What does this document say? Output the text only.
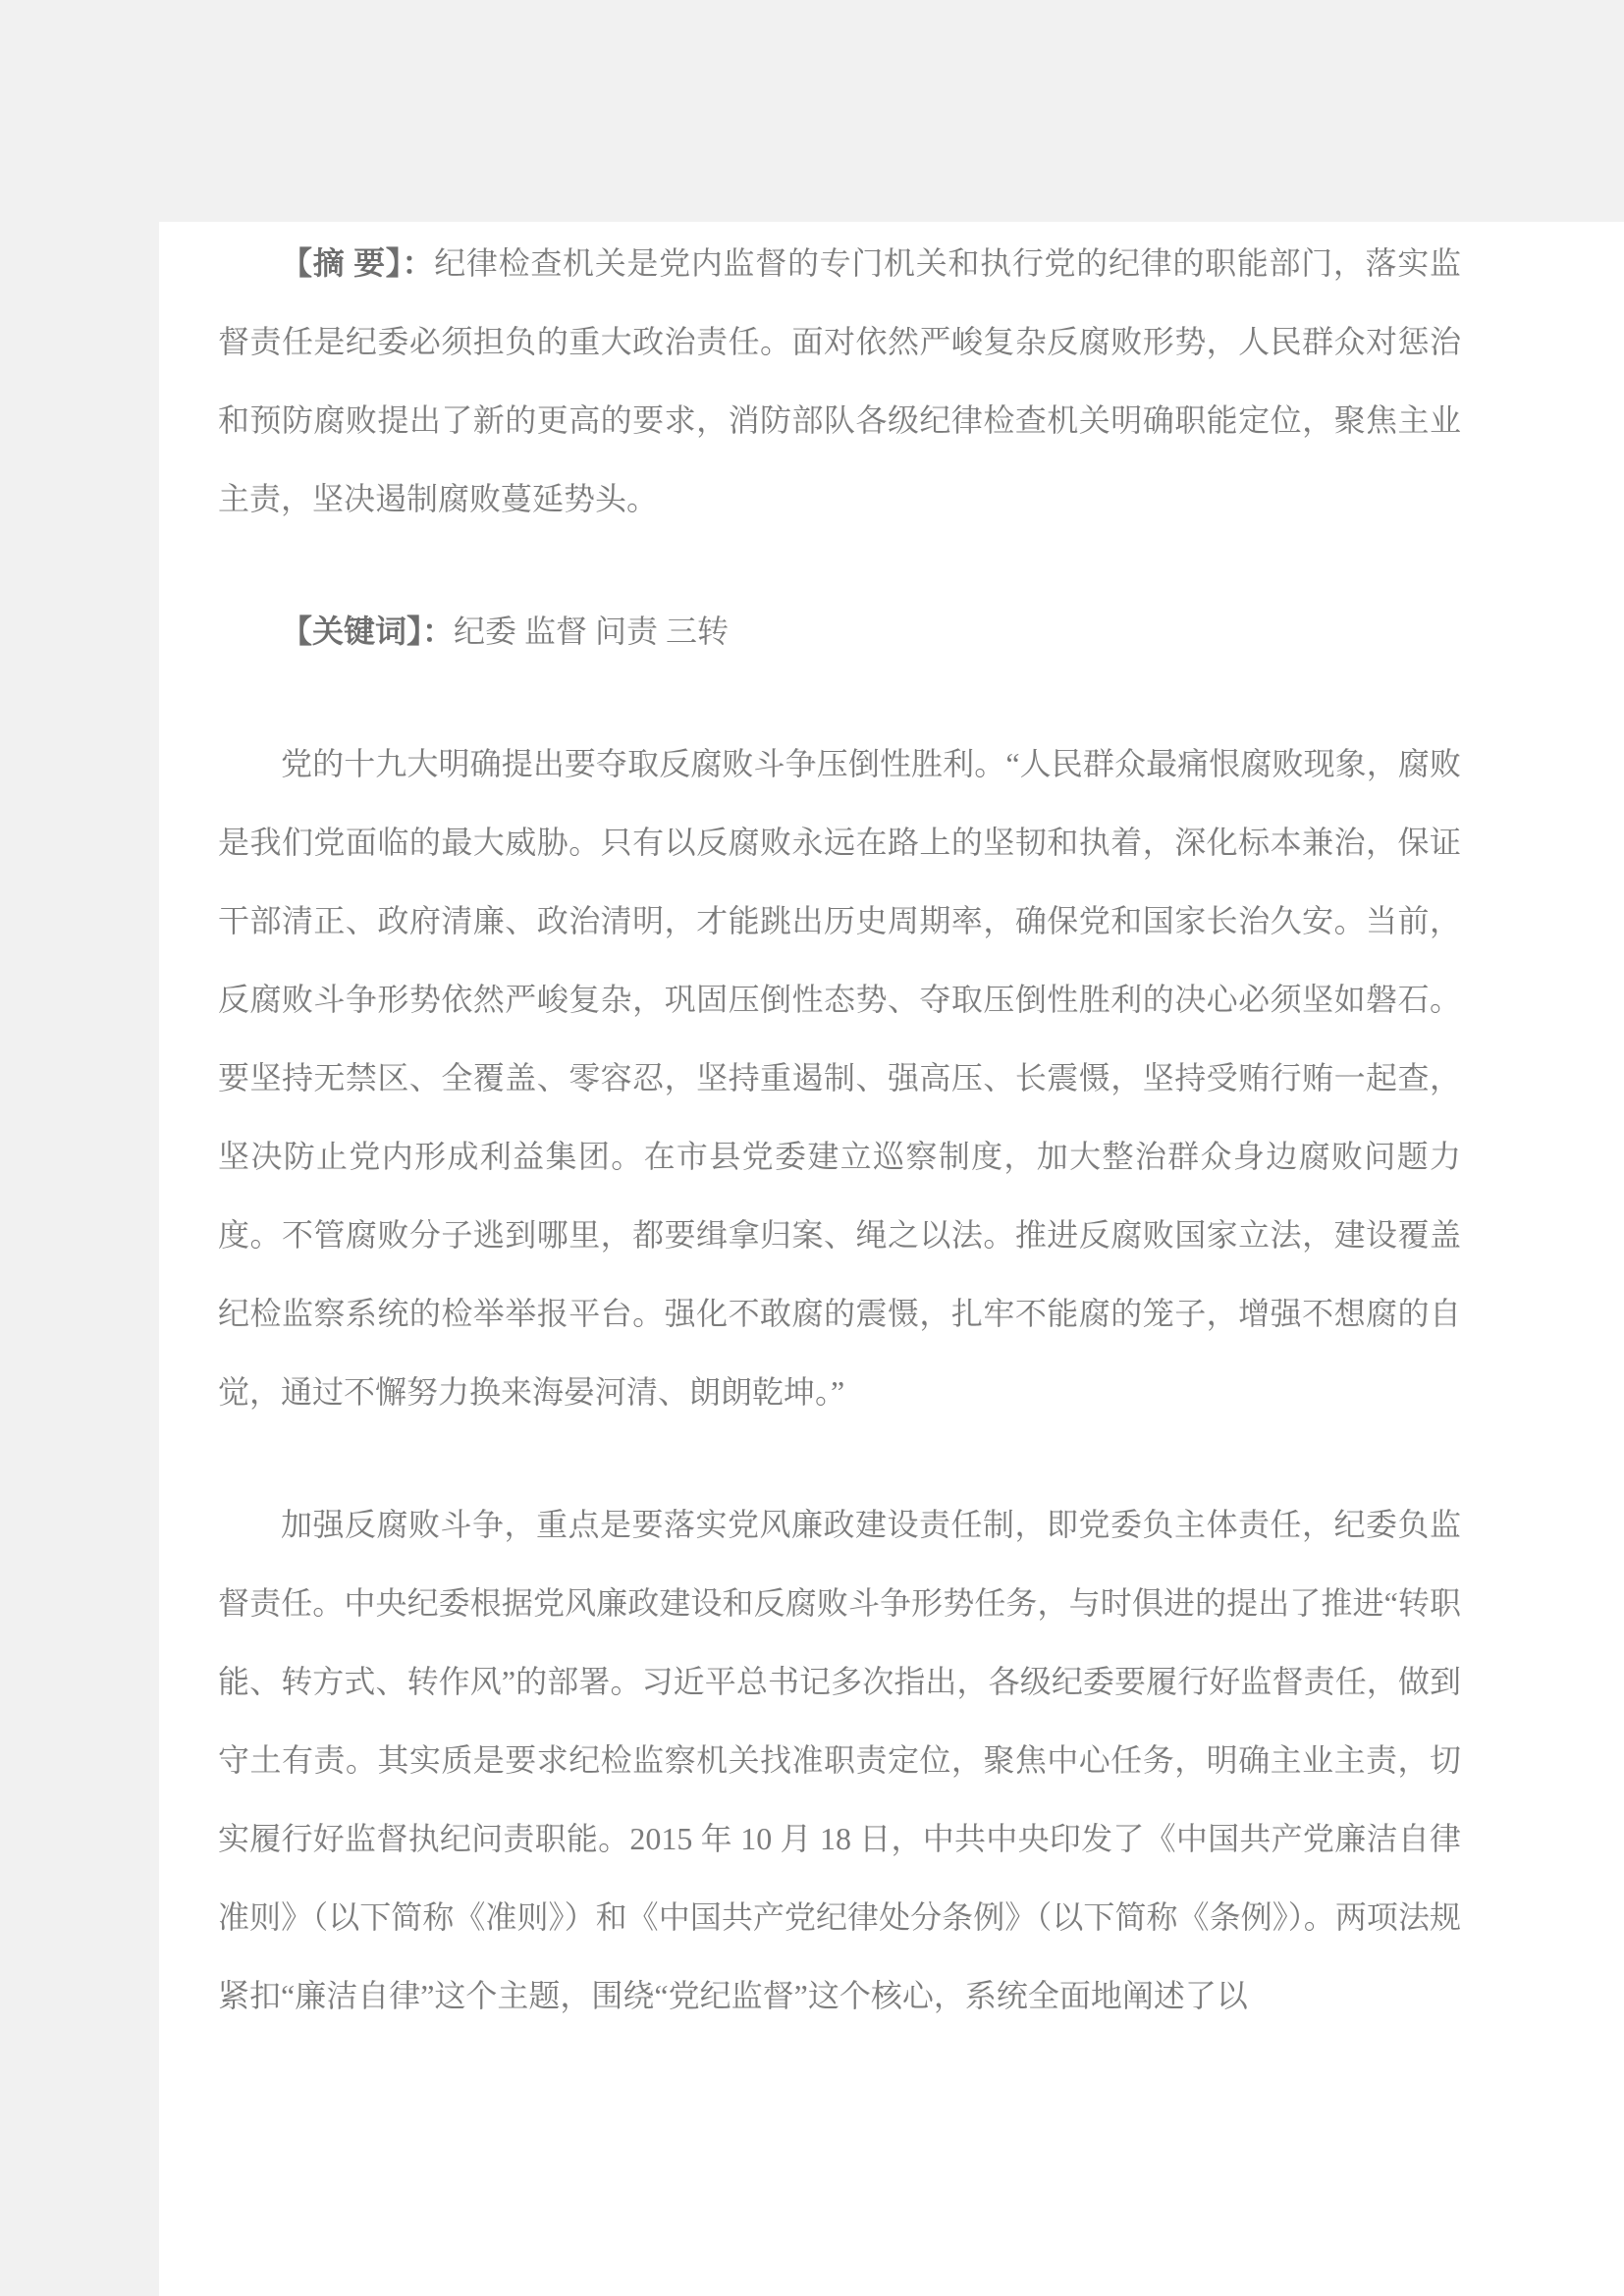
【摘 要】：纪律检查机关是党内监督的专门机关和执行党的纪律的职能部门，落实监督责任是纪委必须担负的重大政治责任。面对依然严峻复杂反腐败形势，人民群众对惩治和预防腐败提出了新的更高的要求，消防部队各级纪律检查机关明确职能定位，聚焦主业主责，坚决遏制腐败蔓延势头。

【关键词】：纪委 监督 问责 三转

党的十九大明确提出要夺取反腐败斗争压倒性胜利。“人民群众最痛恨腐败现象，腐败是我们党面临的最大威胁。只有以反腐败永远在路上的坚韧和执着，深化标本兼治，保证干部清正、政府清廉、政治清明，才能跳出历史周期率，确保党和国家长治久安。当前，反腐败斗争形势依然严峻复杂，巩固压倒性态势、夺取压倒性胜利的决心必须坚如磐石。要坚持无禁区、全覆盖、零容忍，坚持重遏制、强高压、长震慑，坚持受贿行贿一起查，坚决防止党内形成利益集团。在市县党委建立巡察制度，加大整治群众身边腐败问题力度。不管腐败分子逃到哪里，都要缉拿归案、绳之以法。推进反腐败国家立法，建设覆盖纪检监察系统的检举举报平台。强化不敢腐的震慑，扎牢不能腐的笼子，增强不想腐的自觉，通过不懈努力换来海晏河清、朗朗乾坤。”

加强反腐败斗争，重点是要落实党风廉政建设责任制，即党委负主体责任，纪委负监督责任。中央纪委根据党风廉政建设和反腐败斗争形势任务，与时俱进的提出了推进“转职能、转方式、转作风”的部署。习近平总书记多次指出，各级纪委要履行好监督责任，做到守土有责。其实质是要求纪检监察机关找准职责定位，聚焦中心任务，明确主业主责，切实履行好监督执纪问责职能。2015 年 10 月 18 日，中共中央印发了《中国共产党廉洁自律准则》（以下简称《准则》）和《中国共产党纪律处分条例》（以下简称《条例》）。两项法规紧扣“廉洁自律”这个主题，围绕“党纪监督”这个核心，系统全面地阐述了以
